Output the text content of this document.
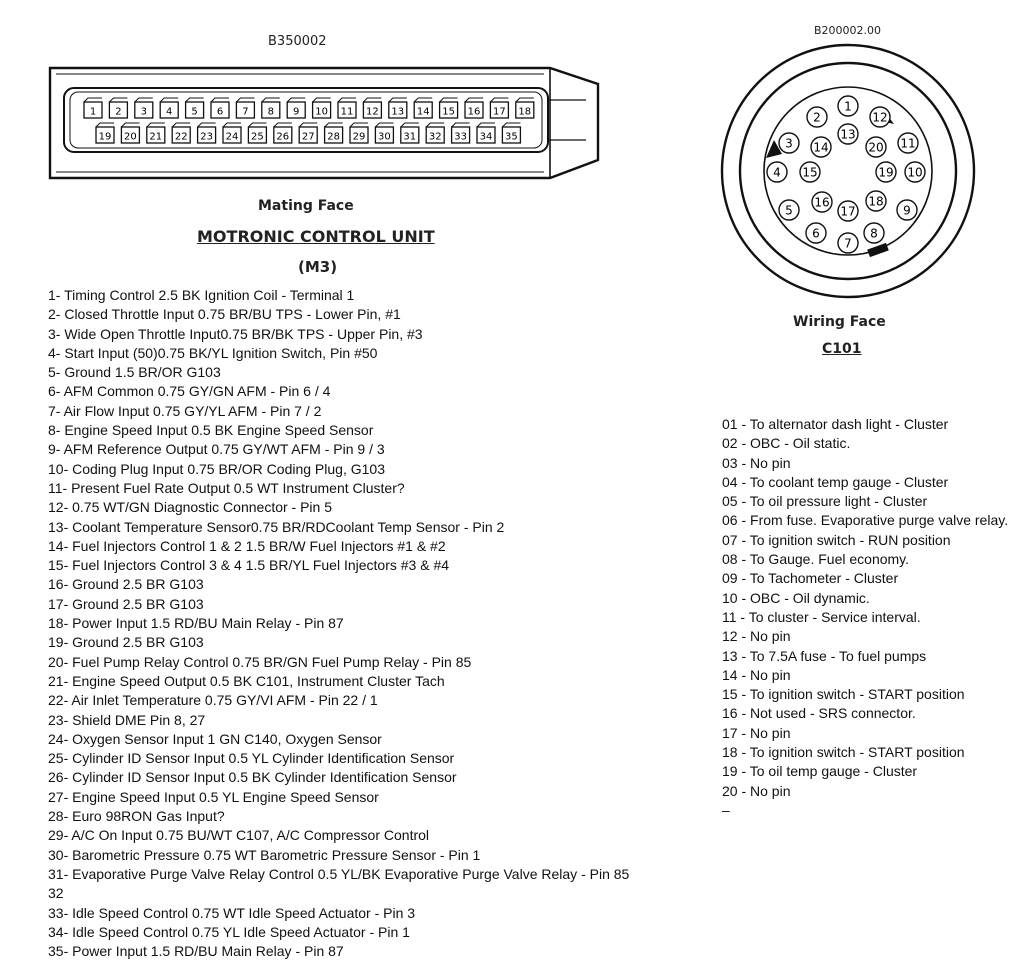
B350002
B200002.00
1 2 3 4 5 6 7 8 9 10 11 12 13 14 15 16 17 18
19 20 21 22 23 24 25 26 27 28 29 30 31 32 33 34 35
Mating Face
MOTRONIC CONTROL UNIT
(M3)
1
2
3
4
5
6
7
8
9
10
11
12
13
14
15
16
17
18
19
20
Wiring Face
C101
1- Timing Control 2.5 BK Ignition Coil - Terminal 1
2- Closed Throttle Input 0.75 BR/BU TPS - Lower Pin, #1
3- Wide Open Throttle Input0.75 BR/BK TPS - Upper Pin, #3
4- Start Input (50)0.75 BK/YL Ignition Switch, Pin #50
5- Ground 1.5 BR/OR G103
6- AFM Common 0.75 GY/GN AFM - Pin 6 / 4
7- Air Flow Input 0.75 GY/YL AFM - Pin 7 / 2
8- Engine Speed Input 0.5 BK Engine Speed Sensor
9- AFM Reference Output 0.75 GY/WT AFM - Pin 9 / 3
10- Coding Plug Input 0.75 BR/OR Coding Plug, G103
11- Present Fuel Rate Output 0.5 WT Instrument Cluster?
12- 0.75 WT/GN Diagnostic Connector - Pin 5
13- Coolant Temperature Sensor0.75 BR/RDCoolant Temp Sensor - Pin 2
14- Fuel Injectors Control 1 & 2 1.5 BR/W Fuel Injectors #1 & #2
15- Fuel Injectors Control 3 & 4 1.5 BR/YL Fuel Injectors #3 & #4
16- Ground 2.5 BR G103
17- Ground 2.5 BR G103
18- Power Input 1.5 RD/BU Main Relay - Pin 87
19- Ground 2.5 BR G103
20- Fuel Pump Relay Control 0.75 BR/GN Fuel Pump Relay - Pin 85
21- Engine Speed Output 0.5 BK C101, Instrument Cluster Tach
22- Air Inlet Temperature 0.75 GY/VI AFM - Pin 22 / 1
23- Shield DME Pin 8, 27
24- Oxygen Sensor Input 1 GN C140, Oxygen Sensor
25- Cylinder ID Sensor Input 0.5 YL Cylinder Identification Sensor
26- Cylinder ID Sensor Input 0.5 BK Cylinder Identification Sensor
27- Engine Speed Input 0.5 YL Engine Speed Sensor
28- Euro 98RON Gas Input?
29- A/C On Input 0.75 BU/WT C107, A/C Compressor Control
30- Barometric Pressure 0.75 WT Barometric Pressure Sensor - Pin 1
31- Evaporative Purge Valve Relay Control 0.5 YL/BK Evaporative Purge Valve Relay - Pin 85
32
33- Idle Speed Control 0.75 WT Idle Speed Actuator - Pin 3
34- Idle Speed Control 0.75 YL Idle Speed Actuator - Pin 1
35- Power Input 1.5 RD/BU Main Relay - Pin 87
01 - To alternator dash light - Cluster
02 - OBC - Oil static.
03 - No pin
04 - To coolant temp gauge - Cluster
05 - To oil pressure light - Cluster
06 - From fuse. Evaporative purge valve relay.
07 - To ignition switch - RUN position
08 - To Gauge. Fuel economy.
09 - To Tachometer - Cluster
10 - OBC - Oil dynamic.
11 - To cluster - Service interval.
12 - No pin
13 - To 7.5A fuse - To fuel pumps
14 - No pin
15 - To ignition switch - START position
16 - Not used - SRS connector.
17 - No pin
18 - To ignition switch - START position
19 - To oil temp gauge - Cluster
20 - No pin
–
